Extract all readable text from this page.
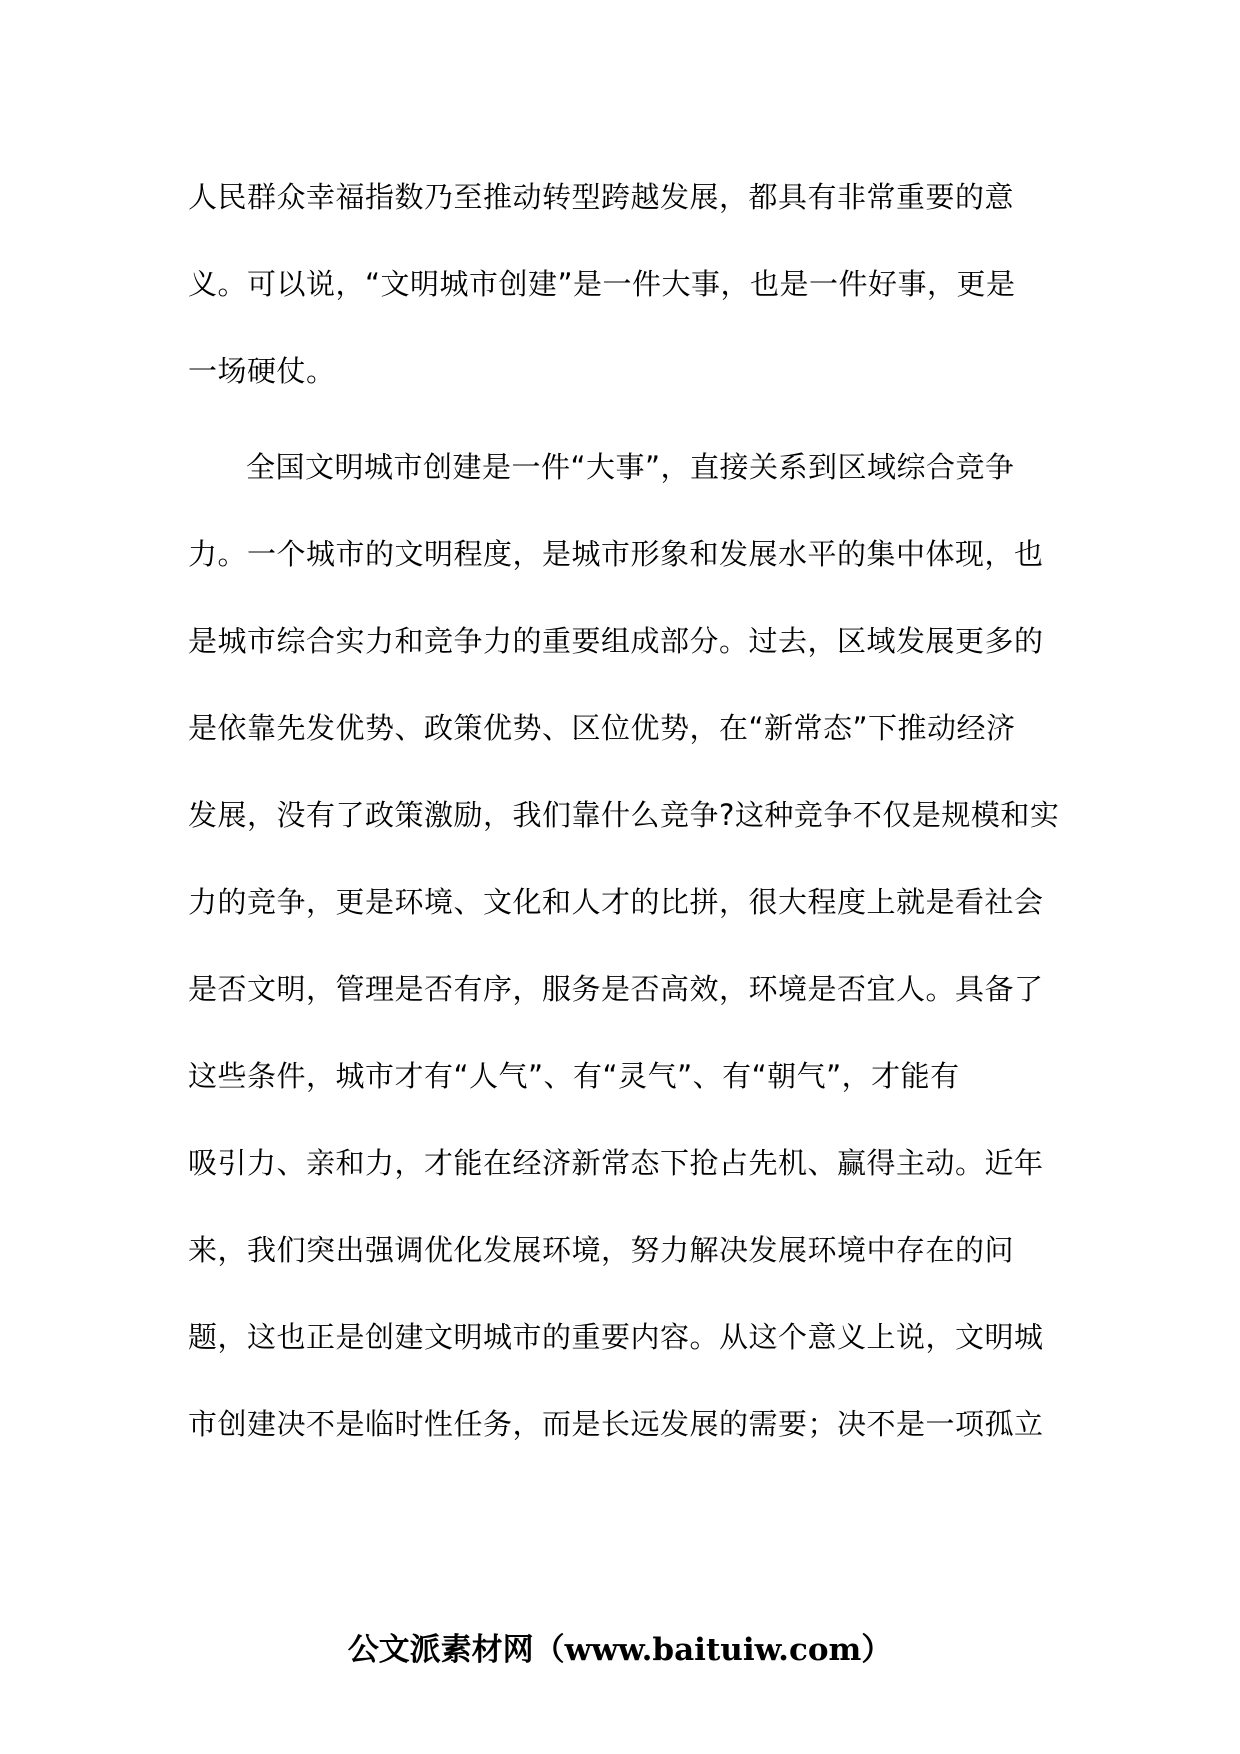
人民群众幸福指数乃至推动转型跨越发展，都具有非常重要的意
义。可以说，“文明城市创建”是一件大事，也是一件好事，更是
一场硬仗。
全国文明城市创建是一件“大事”，直接关系到区域综合竞争
力。一个城市的文明程度，是城市形象和发展水平的集中体现，也
是城市综合实力和竞争力的重要组成部分。过去，区域发展更多的
是依靠先发优势、政策优势、区位优势，在“新常态”下推动经济
发展，没有了政策激励，我们靠什么竞争?这种竞争不仅是规模和实
力的竞争，更是环境、文化和人才的比拼，很大程度上就是看社会
是否文明，管理是否有序，服务是否高效，环境是否宜人。具备了
这些条件，城市才有“人气”、有“灵气”、有“朝气”，才能有
吸引力、亲和力，才能在经济新常态下抢占先机、赢得主动。近年
来，我们突出强调优化发展环境，努力解决发展环境中存在的问
题，这也正是创建文明城市的重要内容。从这个意义上说，文明城
市创建决不是临时性任务，而是长远发展的需要；决不是一项孤立
公文派素材网（www.baituiw.com）
